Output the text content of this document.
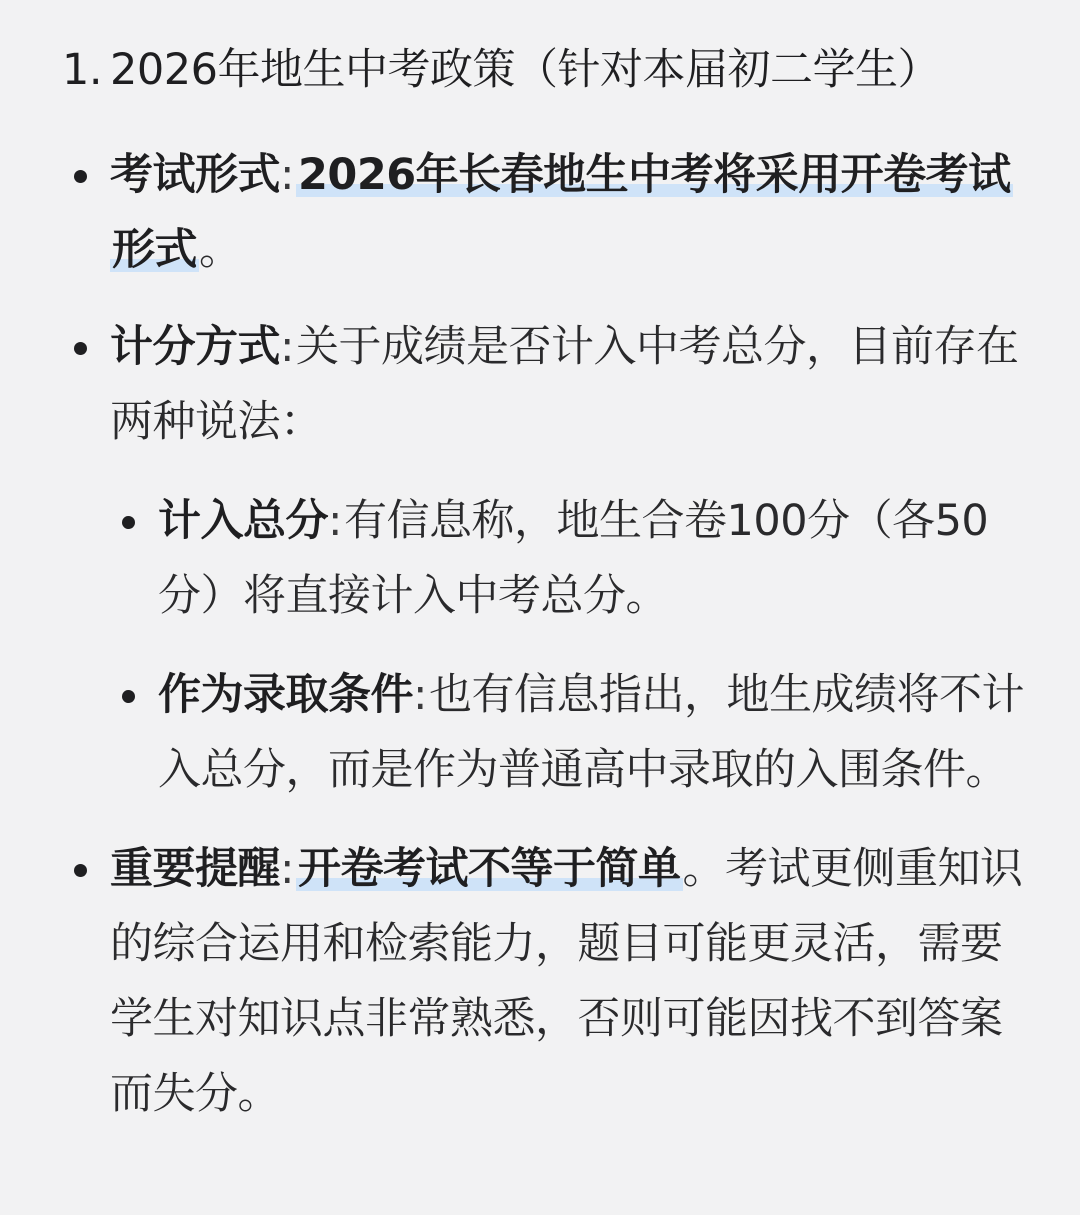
1. 2026年地生中考政策（针对本届初二学生）
考试形式:2026年长春地生中考将采用开卷考试形式。
计分方式:关于成绩是否计入中考总分，目前存在两种说法：
计入总分:有信息称，地生合卷100分（各50分）将直接计入中考总分。
作为录取条件:也有信息指出，地生成绩将不计入总分，而是作为普通高中录取的入围条件。
重要提醒:开卷考试不等于简单。考试更侧重知识的综合运用和检索能力，题目可能更灵活，需要学生对知识点非常熟悉，否则可能因找不到答案而失分。
